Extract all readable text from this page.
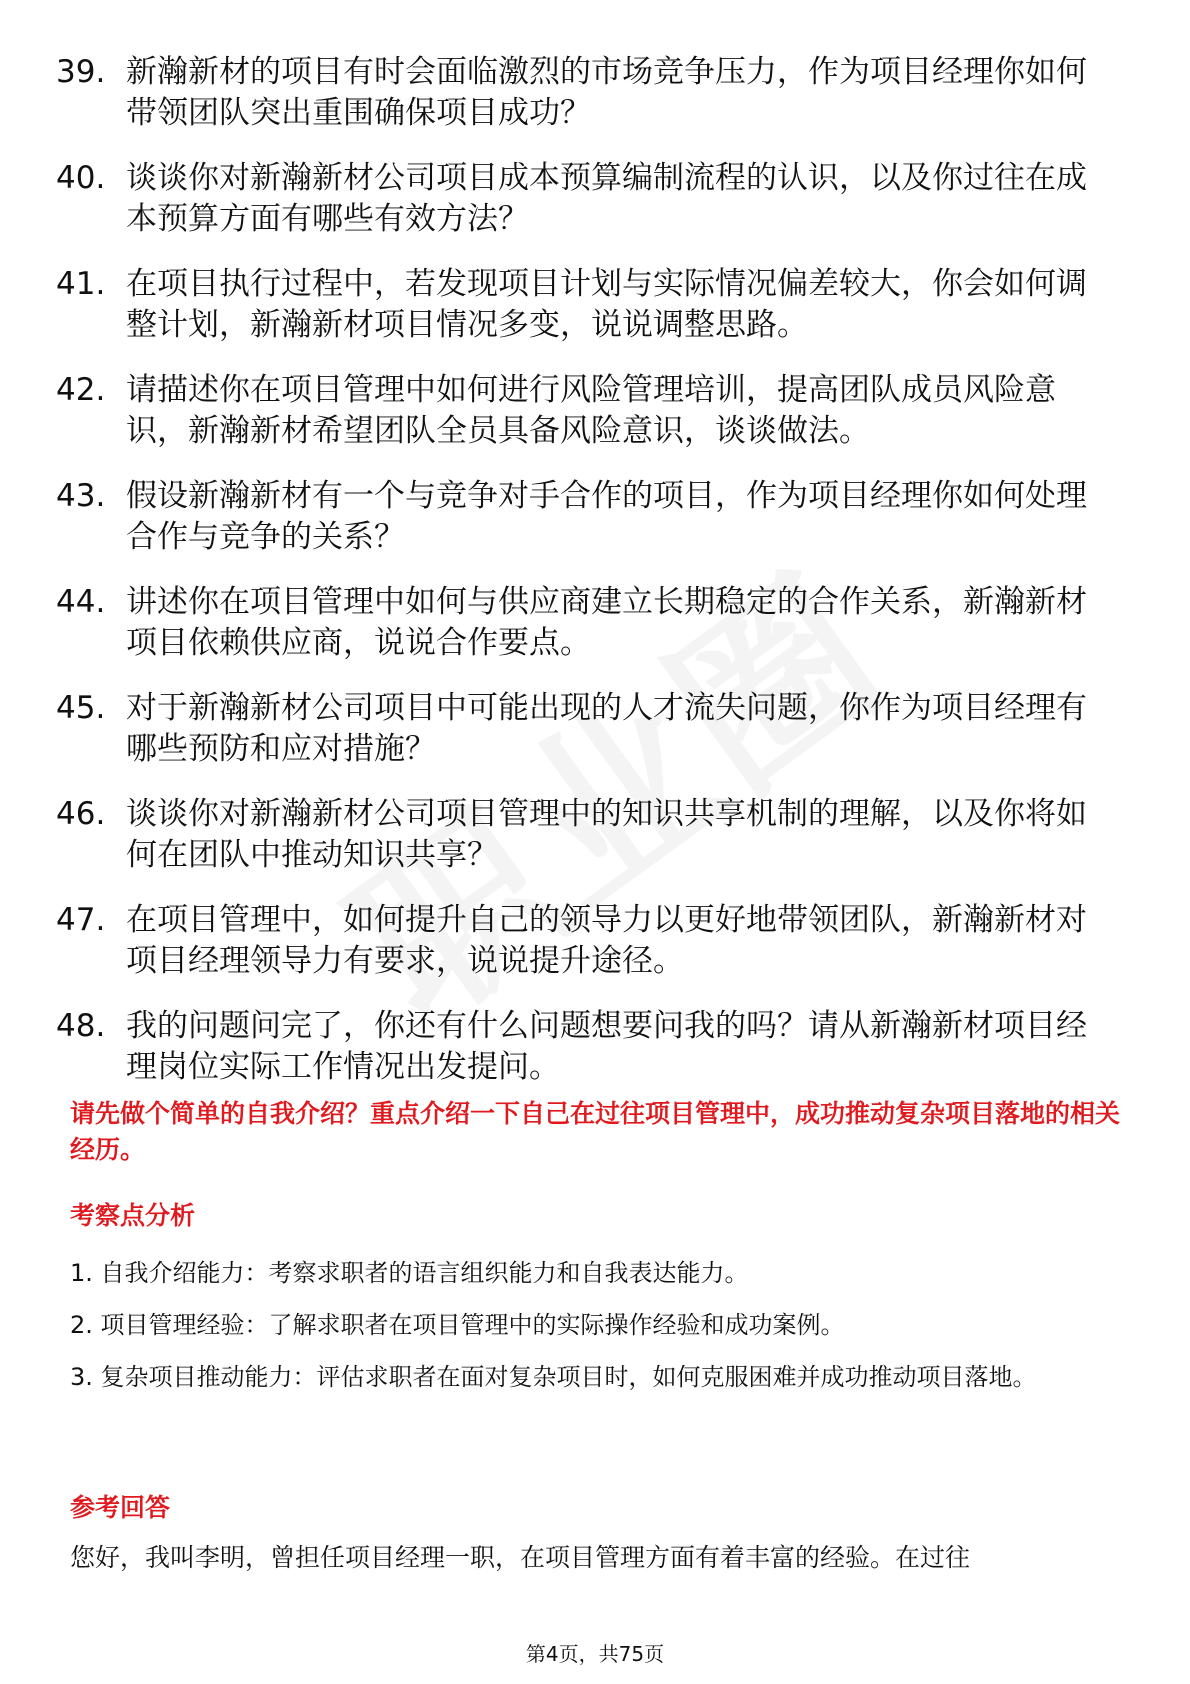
39. 新瀚新材的项目有时会面临激烈的市场竞争压力，作为项目经理你如何带领团队突出重围确保项目成功？
40. 谈谈你对新瀚新材公司项目成本预算编制流程的认识，以及你过往在成本预算方面有哪些有效方法？
41. 在项目执行过程中，若发现项目计划与实际情况偏差较大，你会如何调整计划，新瀚新材项目情况多变，说说调整思路。
42. 请描述你在项目管理中如何进行风险管理培训，提高团队成员风险意识，新瀚新材希望团队全员具备风险意识，谈谈做法。
43. 假设新瀚新材有一个与竞争对手合作的项目，作为项目经理你如何处理合作与竞争的关系？
44. 讲述你在项目管理中如何与供应商建立长期稳定的合作关系，新瀚新材项目依赖供应商，说说合作要点。
45. 对于新瀚新材公司项目中可能出现的人才流失问题，你作为项目经理有哪些预防和应对措施？
46. 谈谈你对新瀚新材公司项目管理中的知识共享机制的理解，以及你将如何在团队中推动知识共享？
47. 在项目管理中，如何提升自己的领导力以更好地带领团队，新瀚新材对项目经理领导力有要求，说说提升途径。
48. 我的问题问完了，你还有什么问题想要问我的吗？请从新瀚新材项目经理岗位实际工作情况出发提问。
请先做个简单的自我介绍？重点介绍一下自己在过往项目管理中，成功推动复杂项目落地的相关经历。
考察点分析
1. 自我介绍能力：考察求职者的语言组织能力和自我表达能力。
2. 项目管理经验：了解求职者在项目管理中的实际操作经验和成功案例。
3. 复杂项目推动能力：评估求职者在面对复杂项目时，如何克服困难并成功推动项目落地。
参考回答
您好，我叫李明，曾担任项目经理一职，在项目管理方面有着丰富的经验。在过往
第4页，共75页
